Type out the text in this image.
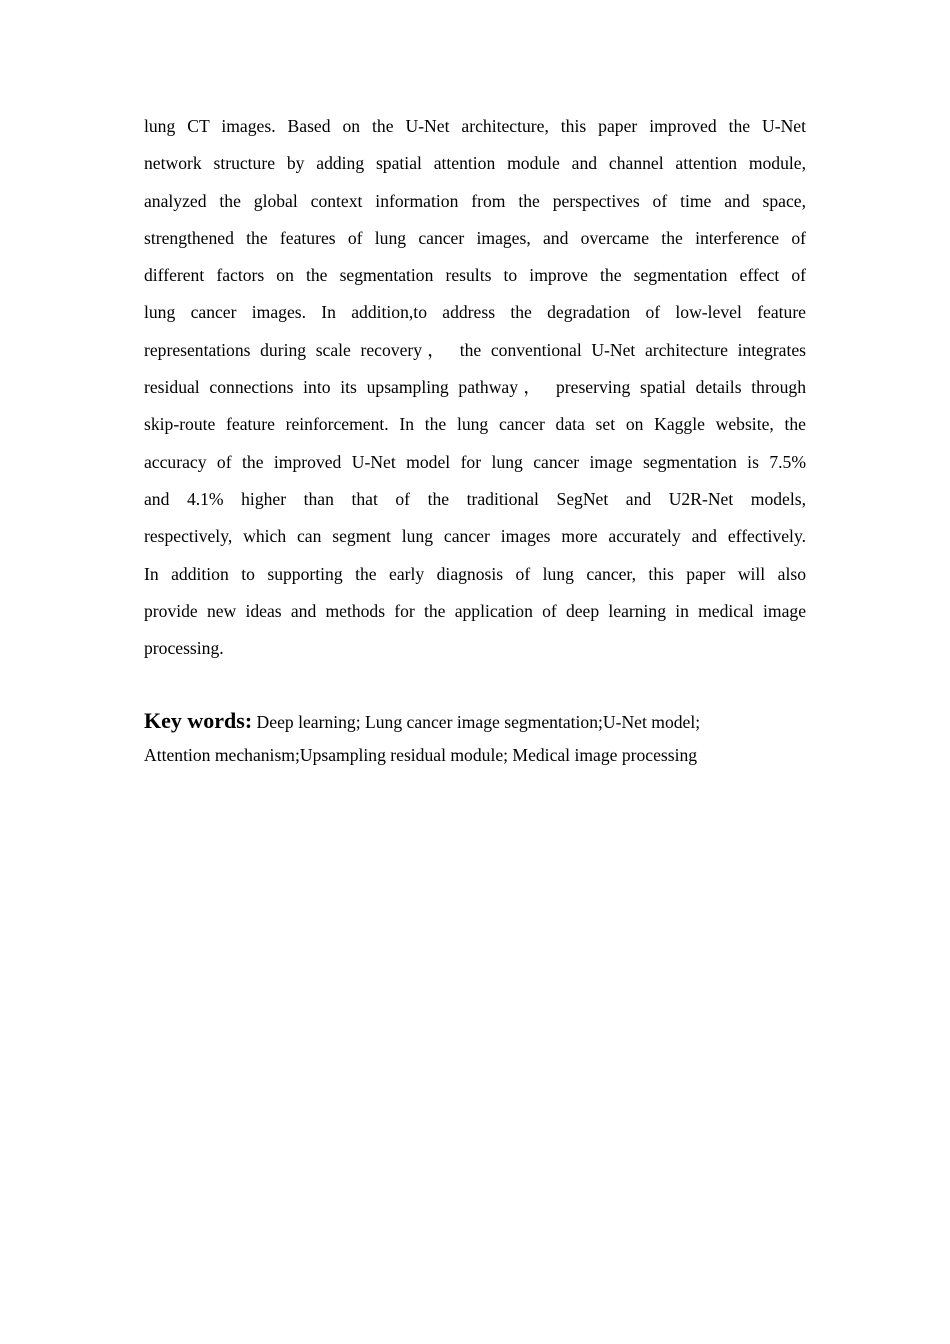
lung CT images. Based on the U-Net architecture, this paper improved the U-Net
network structure by adding spatial attention module and channel attention module,
analyzed the global context information from the perspectives of time and space,
strengthened the features of lung cancer images, and overcame the interference of
different factors on the segmentation results to improve the segmentation effect of
lung cancer images. In addition,to address the degradation of low-level feature
representations during scale recovery， the conventional U-Net architecture integrates
residual connections into its upsampling pathway， preserving spatial details through
skip-route feature reinforcement. In the lung cancer data set on Kaggle website, the
accuracy of the improved U-Net model for lung cancer image segmentation is 7.5%
and 4.1% higher than that of the traditional SegNet and U2R-Net models,
respectively, which can segment lung cancer images more accurately and effectively.
In addition to supporting the early diagnosis of lung cancer, this paper will also
provide new ideas and methods for the application of deep learning in medical image
processing.

Key words: Deep learning; Lung cancer image segmentation;U-Net model;
Attention mechanism;Upsampling residual module; Medical image processing
